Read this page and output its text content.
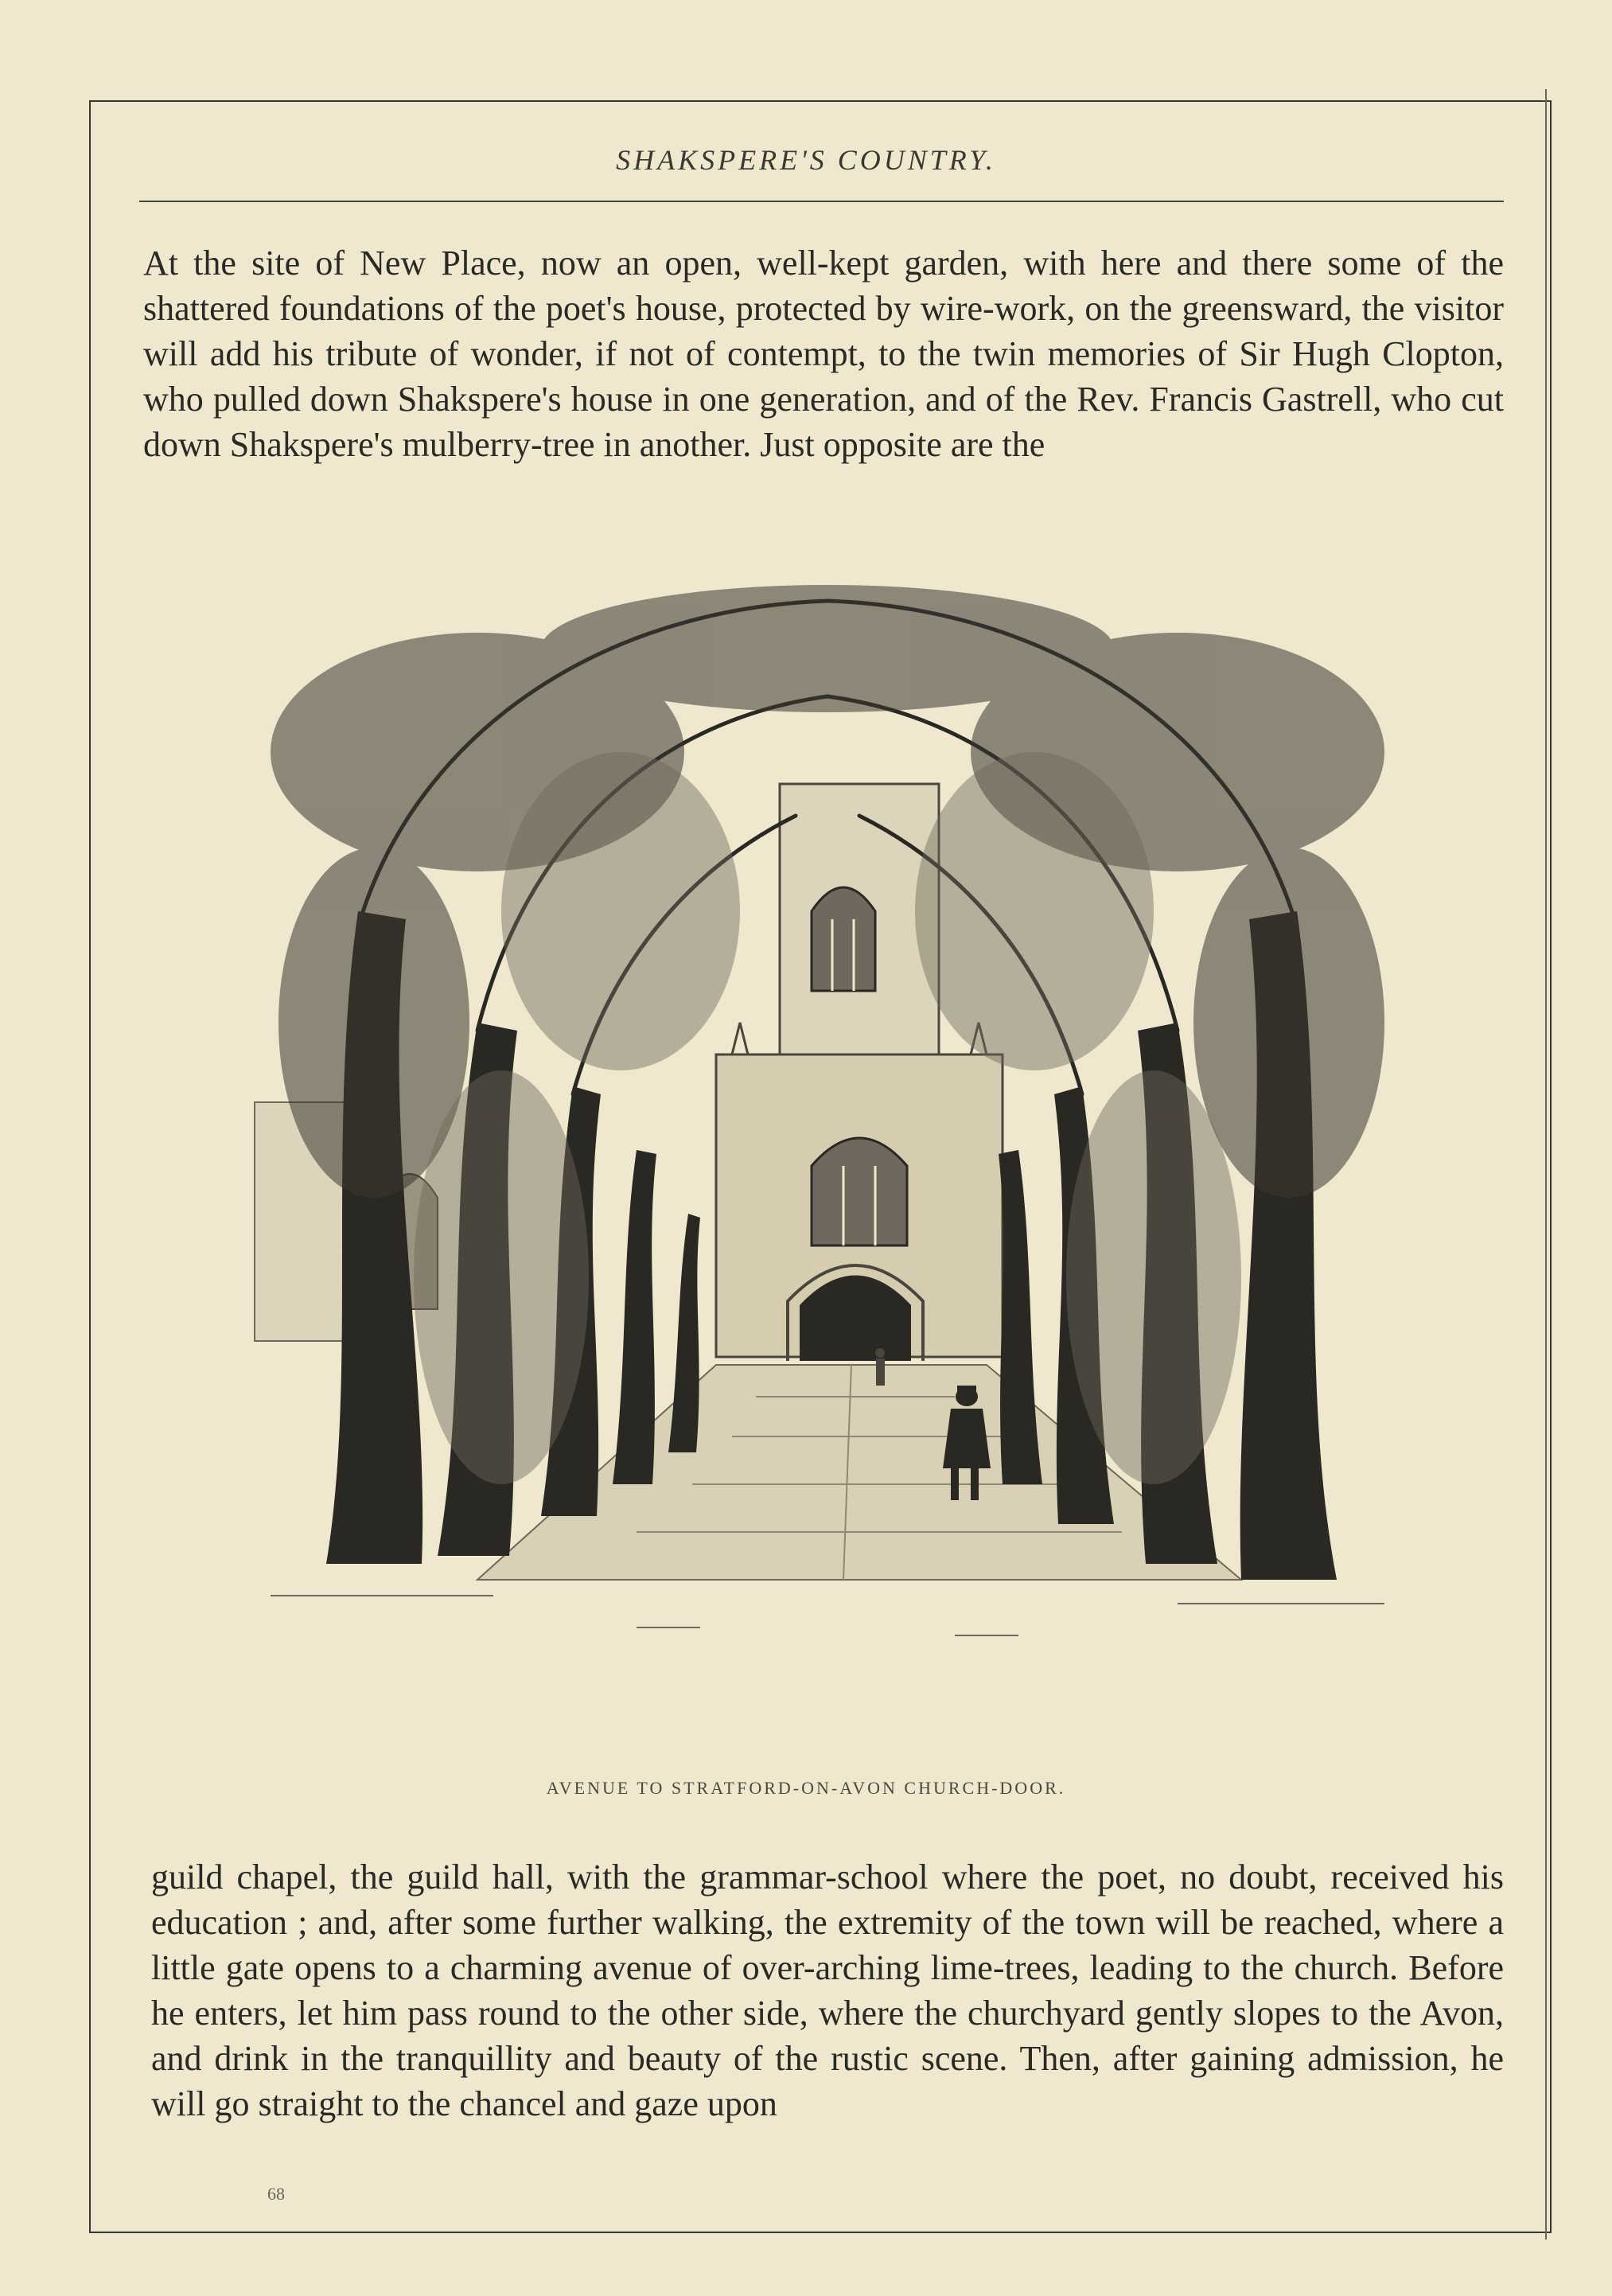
SHAKSPERE'S COUNTRY.
At the site of New Place, now an open, well-kept garden, with here and there some of the shattered foundations of the poet's house, protected by wire-work, on the greensward, the visitor will add his tribute of wonder, if not of contempt, to the twin memories of Sir Hugh Clopton, who pulled down Shakspere's house in one generation, and of the Rev. Francis Gastrell, who cut down Shakspere's mulberry-tree in another. Just opposite are the
AVENUE TO STRATFORD-ON-AVON CHURCH-DOOR.
guild chapel, the guild hall, with the grammar-school where the poet, no doubt, received his education ; and, after some further walking, the extremity of the town will be reached, where a little gate opens to a charming avenue of over-arching lime-trees, leading to the church. Before he enters, let him pass round to the other side, where the churchyard gently slopes to the Avon, and drink in the tranquillity and beauty of the rustic scene. Then, after gaining admission, he will go straight to the chancel and gaze upon
68
